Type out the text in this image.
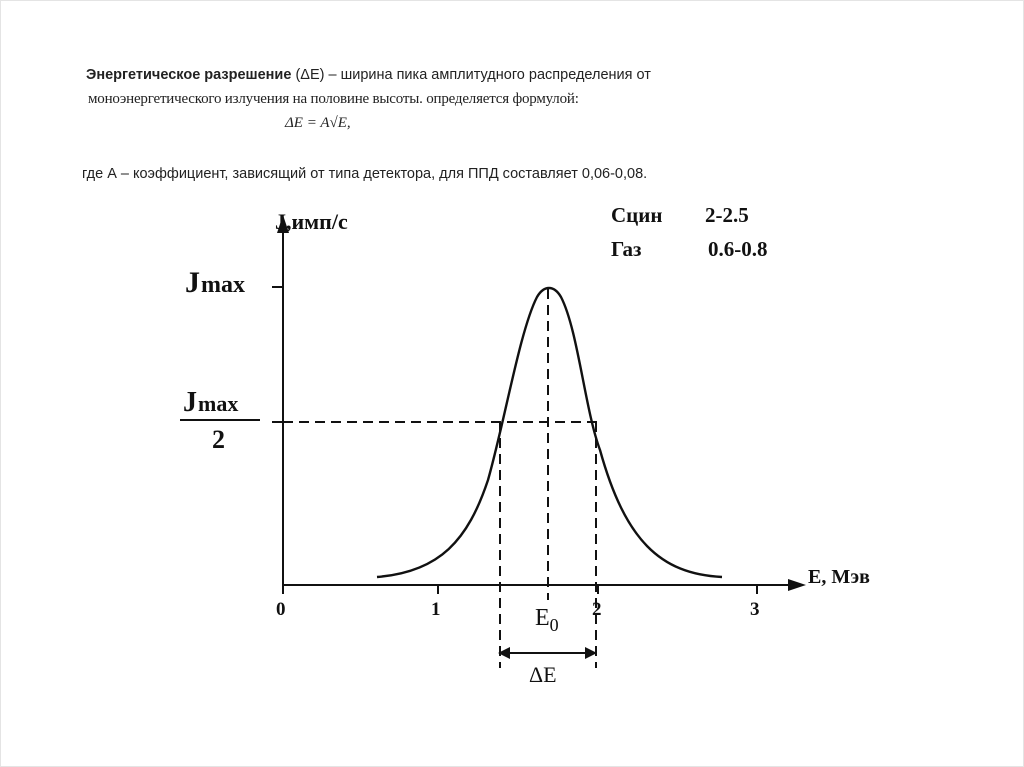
Энергетическое разрешение (ΔE) – ширина пика амплитудного распределения от
моноэнергетического излучения на половине высоты. определяется формулой:
ΔE = A√E,
где А – коэффициент, зависящий от типа детектора, для ППД составляет 0,06-0,08.
J,имп/с
E, Мэв
0	1	2	3
Jmax
Jmax
2
$E_0$
ΔE
Сцин 2-2.5
Газ	0.6-0.8
